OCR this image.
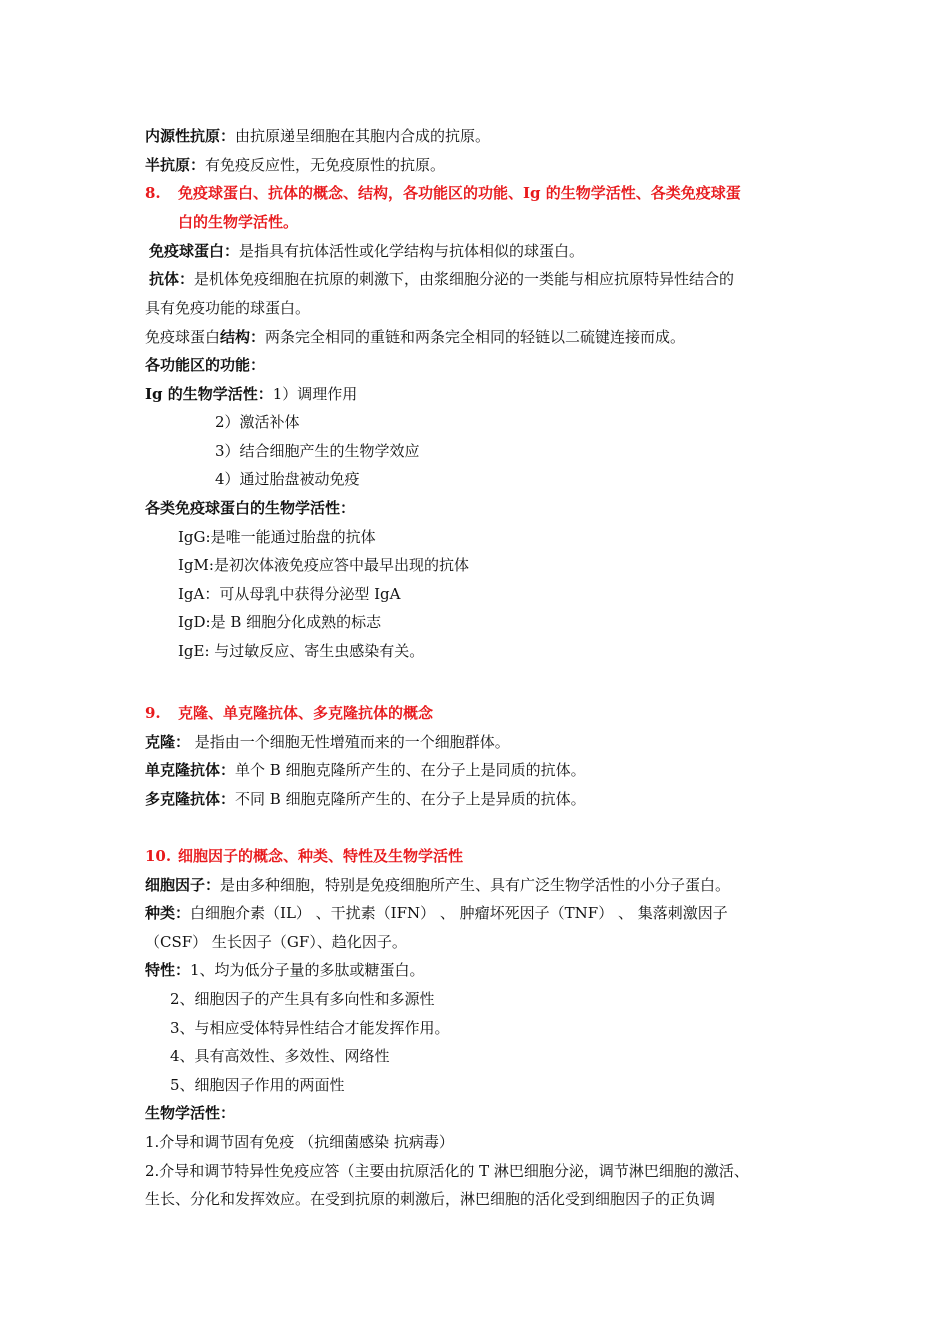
内源性抗原：由抗原递呈细胞在其胞内合成的抗原。
半抗原：有免疫反应性，无免疫原性的抗原。
8. 免疫球蛋白、抗体的概念、结构，各功能区的功能、Ig 的生物学活性、各类免疫球蛋
白的生物学活性。
免疫球蛋白：是指具有抗体活性或化学结构与抗体相似的球蛋白。
抗体：是机体免疫细胞在抗原的刺激下，由浆细胞分泌的一类能与相应抗原特异性结合的
具有免疫功能的球蛋白。
免疫球蛋白结构：两条完全相同的重链和两条完全相同的轻链以二硫键连接而成。
各功能区的功能：
Ig 的生物学活性：1）调理作用
2）激活补体
3）结合细胞产生的生物学效应
4）通过胎盘被动免疫
各类免疫球蛋白的生物学活性：
IgG:是唯一能通过胎盘的抗体
IgM:是初次体液免疫应答中最早出现的抗体
IgA：可从母乳中获得分泌型 IgA
IgD:是 B 细胞分化成熟的标志
IgE: 与过敏反应、寄生虫感染有关。
9. 克隆、单克隆抗体、多克隆抗体的概念
克隆： 是指由一个细胞无性增殖而来的一个细胞群体。
单克隆抗体：单个 B 细胞克隆所产生的、在分子上是同质的抗体。
多克隆抗体：不同 B 细胞克隆所产生的、在分子上是异质的抗体。
10. 细胞因子的概念、种类、特性及生物学活性
细胞因子：是由多种细胞，特别是免疫细胞所产生、具有广泛生物学活性的小分子蛋白。
种类：白细胞介素（IL） 、干扰素（IFN） 、 肿瘤坏死因子（TNF） 、 集落刺激因子
（CSF） 生长因子（GF）、趋化因子。
特性：1、均为低分子量的多肽或糖蛋白。
2、细胞因子的产生具有多向性和多源性
3、与相应受体特异性结合才能发挥作用。
4、具有高效性、多效性、网络性
5、细胞因子作用的两面性
生物学活性：
1.介导和调节固有免疫 （抗细菌感染 抗病毒）
2.介导和调节特异性免疫应答（主要由抗原活化的 T 淋巴细胞分泌，调节淋巴细胞的激活、
生长、分化和发挥效应。在受到抗原的刺激后，淋巴细胞的活化受到细胞因子的正负调
